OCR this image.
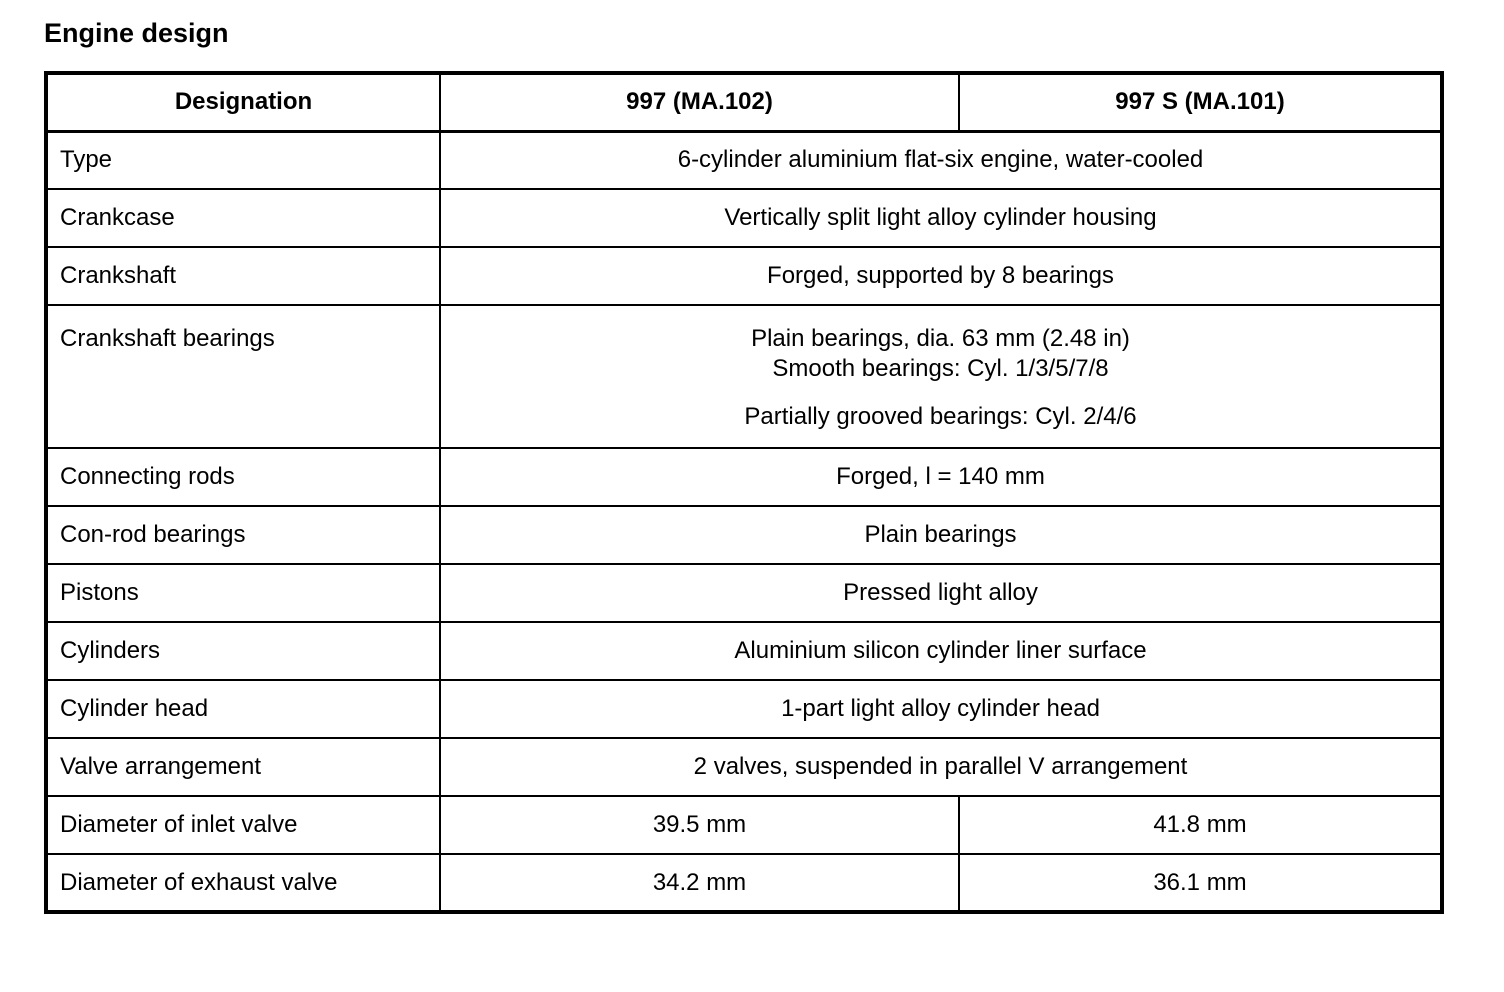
Engine design
Designation	997 (MA.102)	997 S (MA.101)
Type	6-cylinder aluminium flat-six engine, water-cooled	
Crankcase	Vertically split light alloy cylinder housing	
Crankshaft	Forged, supported by 8 bearings	
Crankshaft bearings	Plain bearings, dia. 63 mm (2.48 in)
Smooth bearings: Cyl. 1/3/5/7/8
Partially grooved bearings: Cyl. 2/4/6	

Connecting rods	Forged, l = 140 mm	
Con-rod bearings	Plain bearings	
Pistons	Pressed light alloy	
Cylinders	Aluminium silicon cylinder liner surface	
Cylinder head	1-part light alloy cylinder head	
Valve arrangement	2 valves, suspended in parallel V arrangement	
Diameter of inlet valve	39.5 mm	41.8 mm
Diameter of exhaust valve	34.2 mm	36.1 mm
